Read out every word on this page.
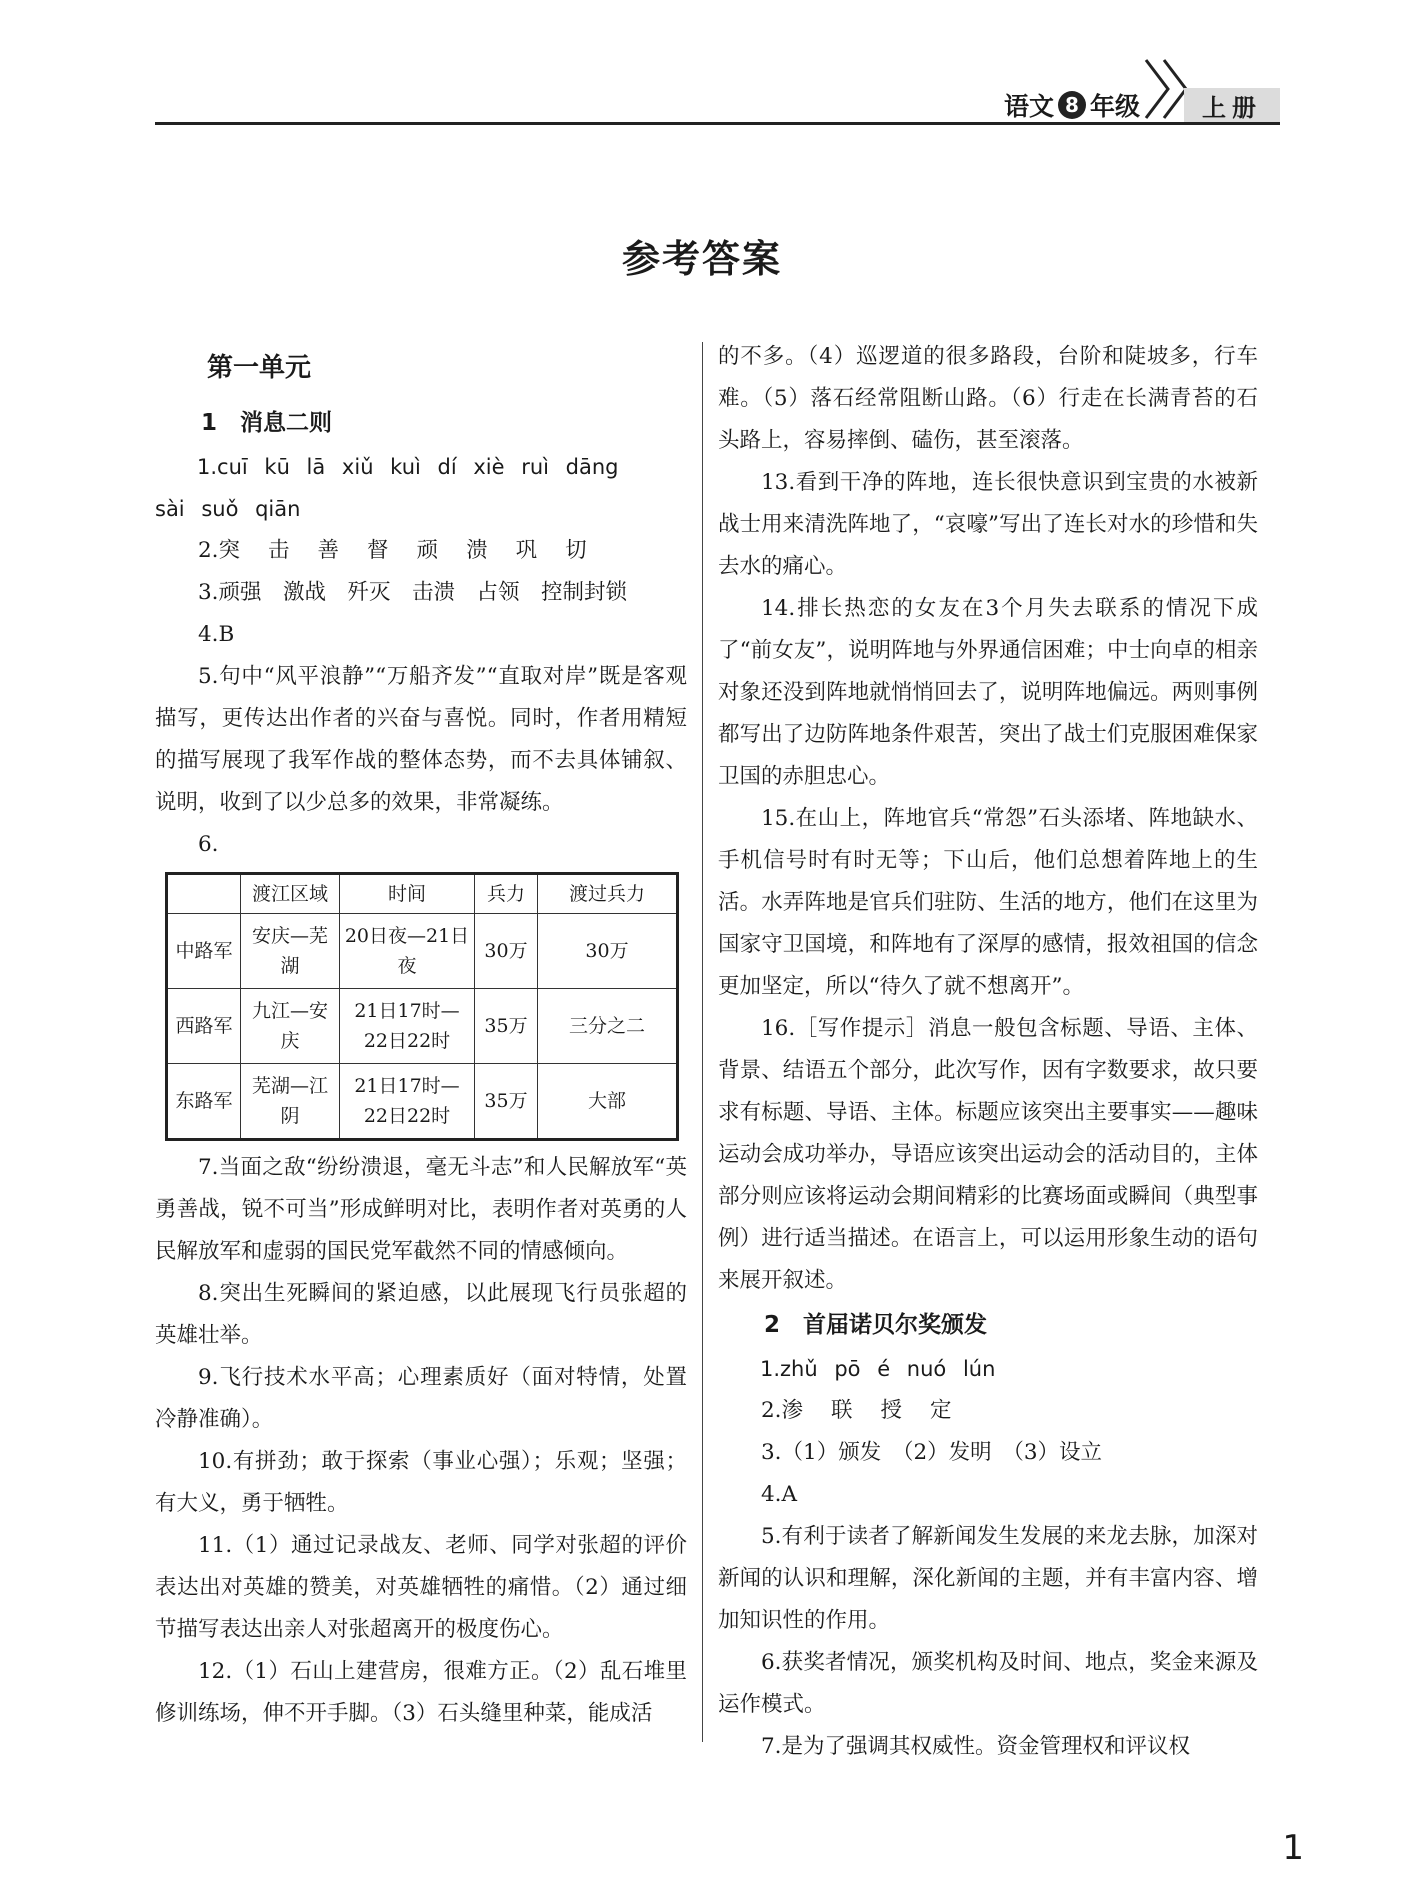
语文 8 年级	上册
参考答案

第一单元

1　消息二则

1.cuī kū lā xiǔ kuì dí xiè ruì dāng

sài suǒ qiān

2.突 击 善 督 顽 溃 巩 切

3.顽强　激战　歼灭　击溃　占领　控制封锁

4.B

5.句中“风平浪静”“万船齐发”“直取对岸”既是客观描写，更传达出作者的兴奋与喜悦。同时，作者用精短的描写展现了我军作战的整体态势，而不去具体铺叙、说明，收到了以少总多的效果，非常凝练。

6.

	渡江区域	时间	兵力	渡过兵力
中路军	安庆—芜湖	20日夜—21日夜	30万	30万
西路军	九江—安庆	21日17时—22日22时	35万	三分之二
东路军	芜湖—江阴	21日17时—22日22时	35万	大部

7.当面之敌“纷纷溃退，毫无斗志”和人民解放军“英勇善战，锐不可当”形成鲜明对比，表明作者对英勇的人民解放军和虚弱的国民党军截然不同的情感倾向。

8.突出生死瞬间的紧迫感，以此展现飞行员张超的英雄壮举。

9.飞行技术水平高；心理素质好（面对特情，处置冷静准确）。

10.有拼劲；敢于探索（事业心强）；乐观；坚强；有大义，勇于牺牲。

11.（1）通过记录战友、老师、同学对张超的评价表达出对英雄的赞美，对英雄牺牲的痛惜。（2）通过细节描写表达出亲人对张超离开的极度伤心。

12.（1）石山上建营房，很难方正。（2）乱石堆里修训练场，伸不开手脚。（3）石头缝里种菜，能成活

的不多。（4）巡逻道的很多路段，台阶和陡坡多，行车难。（5）落石经常阻断山路。（6）行走在长满青苔的石头路上，容易摔倒、磕伤，甚至滚落。

13.看到干净的阵地，连长很快意识到宝贵的水被新战士用来清洗阵地了，“哀嚎”写出了连长对水的珍惜和失去水的痛心。

14.排长热恋的女友在3个月失去联系的情况下成了“前女友”，说明阵地与外界通信困难；中士向卓的相亲对象还没到阵地就悄悄回去了，说明阵地偏远。两则事例都写出了边防阵地条件艰苦，突出了战士们克服困难保家卫国的赤胆忠心。

15.在山上，阵地官兵“常怨”石头添堵、阵地缺水、手机信号时有时无等；下山后，他们总想着阵地上的生活。水弄阵地是官兵们驻防、生活的地方，他们在这里为国家守卫国境，和阵地有了深厚的感情，报效祖国的信念更加坚定，所以“待久了就不想离开”。

16.［写作提示］消息一般包含标题、导语、主体、背景、结语五个部分，此次写作，因有字数要求，故只要求有标题、导语、主体。标题应该突出主要事实——趣味运动会成功举办，导语应该突出运动会的活动目的，主体部分则应该将运动会期间精彩的比赛场面或瞬间（典型事例）进行适当描述。在语言上，可以运用形象生动的语句来展开叙述。

2　首届诺贝尔奖颁发

1.zhǔ pō é nuó lún

2.渗 联 授 定

3.（1）颁发　（2）发明　（3）设立

4.A

5.有利于读者了解新闻发生发展的来龙去脉，加深对新闻的认识和理解，深化新闻的主题，并有丰富内容、增加知识性的作用。

6.获奖者情况，颁奖机构及时间、地点，奖金来源及运作模式。

7.是为了强调其权威性。资金管理权和评议权

1
